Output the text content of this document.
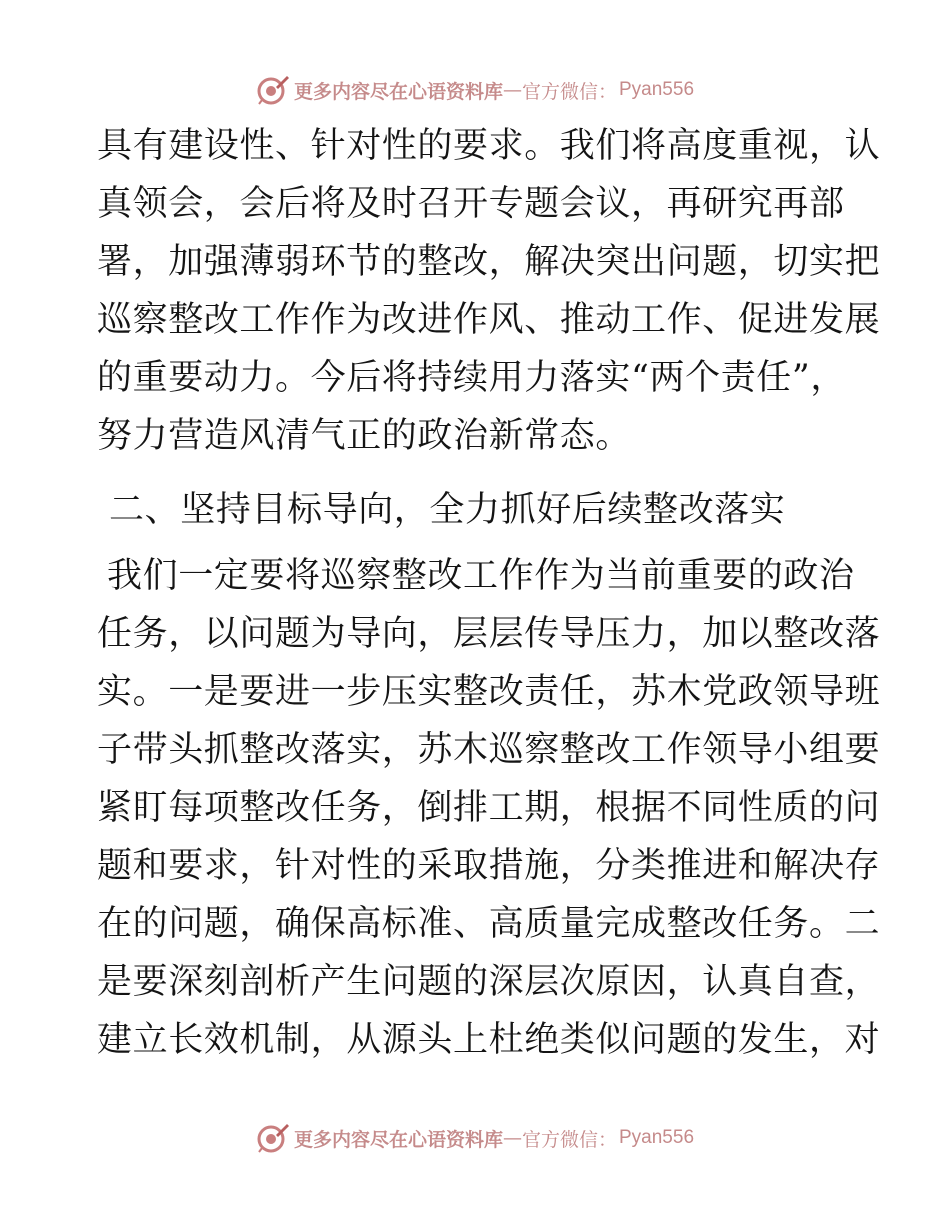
更多内容尽在心语资料库 — 官方微信： Pyan556
具有建设性、针对性的要求。我们将高度重视，认
真领会，会后将及时召开专题会议，再研究再部
署，加强薄弱环节的整改，解决突出问题，切实把
巡察整改工作作为改进作风、推动工作、促进发展
的重要动力。今后将持续用力落实“两个责任”，
努力营造风清气正的政治新常态。
二、坚持目标导向，全力抓好后续整改落实
我们一定要将巡察整改工作作为当前重要的政治
任务，以问题为导向，层层传导压力，加以整改落
实。一是要进一步压实整改责任，苏木党政领导班
子带头抓整改落实，苏木巡察整改工作领导小组要
紧盯每项整改任务，倒排工期，根据不同性质的问
题和要求，针对性的采取措施，分类推进和解决存
在的问题，确保高标准、高质量完成整改任务。二
是要深刻剖析产生问题的深层次原因，认真自查，
建立长效机制，从源头上杜绝类似问题的发生，对
更多内容尽在心语资料库 — 官方微信： Pyan556
